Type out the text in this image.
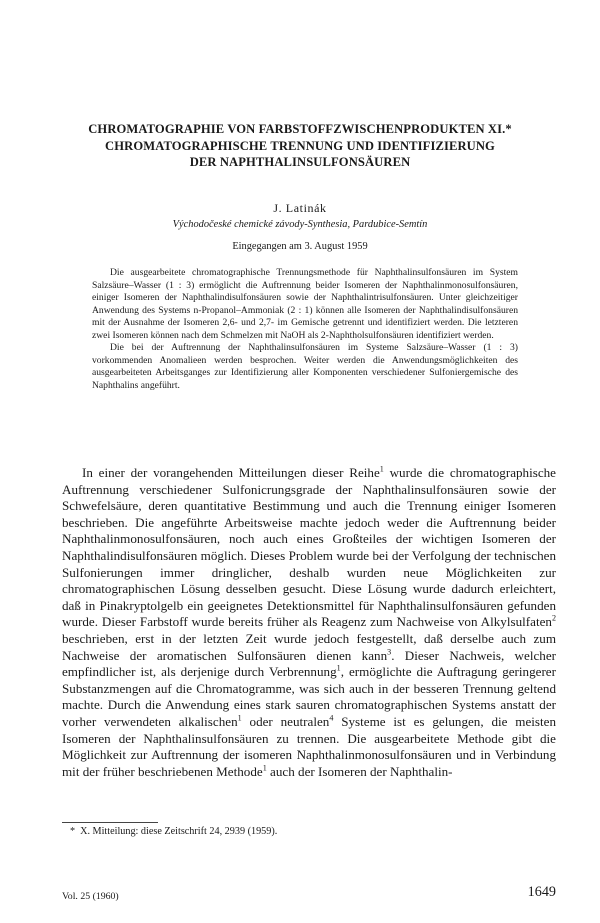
CHROMATOGRAPHIE VON FARBSTOFFZWISCHENPRODUKTEN XI.*
CHROMATOGRAPHISCHE TRENNUNG UND IDENTIFIZIERUNG
DER NAPHTHALINSULFONSÄUREN

J. Latinák

Východočeské chemické závody-Synthesia, Pardubice-Semtín

Eingegangen am 3. August 1959

Die ausgearbeitete chromatographische Trennungsmethode für Naphthalinsulfonsäuren im System Salzsäure–Wasser (1 : 3) ermöglicht die Auftrennung beider Isomeren der Naphthalinmonosulfonsäuren, einiger Isomeren der Naphthalindisulfonsäuren sowie der Naphthalintrisulfonsäuren. Unter gleichzeitiger Anwendung des Systems n-Propanol–Ammoniak (2 : 1) können alle Isomeren der Naphthalindisulfonsäuren mit der Ausnahme der Isomeren 2,6- und 2,7- im Gemische getrennt und identifiziert werden. Die letzteren zwei Isomeren können nach dem Schmelzen mit NaOH als 2-Naphtholsulfonsäuren identifiziert werden.

Die bei der Auftrennung der Naphthalinsulfonsäuren im Systeme Salzsäure–Wasser (1 : 3) vorkommenden Anomalieen werden besprochen. Weiter werden die Anwendungsmöglichkeiten des ausgearbeiteten Arbeitsganges zur Identifizierung aller Komponenten verschiedener Sulfoniergemische des Naphthalins angeführt.

In einer der vorangehenden Mitteilungen dieser Reihe$^1$ wurde die chromatographische Auftrennung verschiedener Sulfonicrungsgrade der Naphthalinsulfonsäuren sowie der Schwefelsäure, deren quantitative Bestimmung und auch die Trennung einiger Isomeren beschrieben. Die angeführte Arbeitsweise machte jedoch weder die Auftrennung beider Naphthalinmonosulfonsäuren, noch auch eines Großteiles der wichtigen Isomeren der Naphthalindisulfonsäuren möglich. Dieses Problem wurde bei der Verfolgung der technischen Sulfonierungen immer dringlicher, deshalb wurden neue Möglichkeiten zur chromatographischen Lösung desselben gesucht. Diese Lösung wurde dadurch erleichtert, daß in Pinakryptolgelb ein geeignetes Detektionsmittel für Naphthalinsulfonsäuren gefunden wurde. Dieser Farbstoff wurde bereits früher als Reagenz zum Nachweise von Alkylsulfaten$^2$ beschrieben, erst in der letzten Zeit wurde jedoch festgestellt, daß derselbe auch zum Nachweise der aromatischen Sulfonsäuren dienen kann$^3$. Dieser Nachweis, welcher empfindlicher ist, als derjenige durch Verbrennung$^1$, ermöglichte die Auftragung geringerer Substanzmengen auf die Chromatogramme, was sich auch in der besseren Trennung geltend machte. Durch die Anwendung eines stark sauren chromatographischen Systems anstatt der vorher verwendeten alkalischen$^1$ oder neutralen$^4$ Systeme ist es gelungen, die meisten Isomeren der Naphthalinsulfonsäuren zu trennen. Die ausgearbeitete Methode gibt die Möglichkeit zur Auftrennung der isomeren Naphthalinmonosulfonsäuren und in Verbindung mit der früher beschriebenen Methode$^1$ auch der Isomeren der Naphthalin-

* X. Mitteilung: diese Zeitschrift 24, 2939 (1959).

Vol. 25 (1960)	1649
